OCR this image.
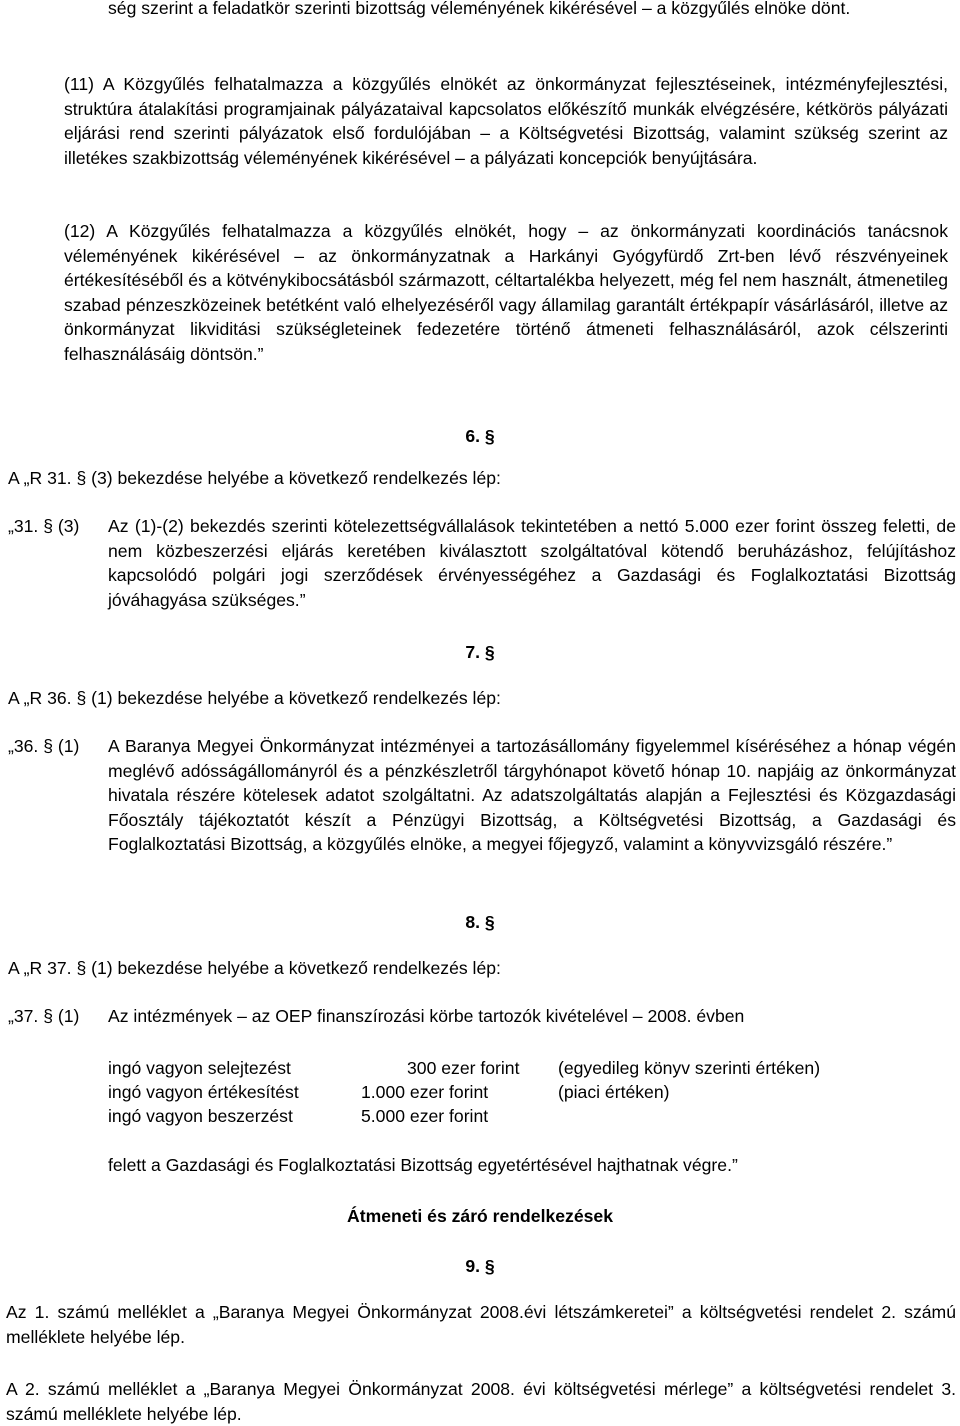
ség szerint a feladatkör szerinti bizottság véleményének kikérésével – a közgyűlés elnöke dönt.

(11) A Közgyűlés felhatalmazza a közgyűlés elnökét az önkormányzat fejlesztéseinek, intézményfejlesztési, struktúra átalakítási programjainak pályázataival kapcsolatos előkészítő munkák elvégzésére, kétkörös pályázati eljárási rend szerinti pályázatok első fordulójában – a Költségvetési Bizottság, valamint szükség szerint az illetékes szakbizottság véleményének kikérésével – a pályázati koncepciók benyújtására.

(12) A Közgyűlés felhatalmazza a közgyűlés elnökét, hogy – az önkormányzati koordinációs tanácsnok véleményének kikérésével – az önkormányzatnak a Harkányi Gyógyfürdő Zrt-ben lévő részvényeinek értékesítéséből és a kötvénykibocsátásból származott, céltartalékba helyezett, még fel nem használt, átmenetileg szabad pénzeszközeinek betétként való elhelyezéséről vagy államilag garantált értékpapír vásárlásáról, illetve az önkormányzat likviditási szükségleteinek fedezetére történő átmeneti felhasználásáról, azok célszerinti felhasználásáig döntsön.”

6. §

A „R 31. § (3) bekezdése helyébe a következő rendelkezés lép:

„31. § (3) Az (1)-(2) bekezdés szerinti kötelezettségvállalások tekintetében a nettó 5.000 ezer forint összeg feletti, de nem közbeszerzési eljárás keretében kiválasztott szolgáltatóval kötendő beruházáshoz, felújításhoz kapcsolódó polgári jogi szerződések érvényességéhez a Gazdasági és Foglalkoztatási Bizottság jóváhagyása szükséges.”

7. §

A „R 36. § (1) bekezdése helyébe a következő rendelkezés lép:

„36. § (1) A Baranya Megyei Önkormányzat intézményei a tartozásállomány figyelemmel kíséréséhez a hónap végén meglévő adósságállományról és a pénzkészletről tárgyhónapot követő hónap 10. napjáig az önkormányzat hivatala részére kötelesek adatot szolgáltatni. Az adatszolgáltatás alapján a Fejlesztési és Közgazdasági Főosztály tájékoztatót készít a Pénzügyi Bizottság, a Költségvetési Bizottság, a Gazdasági és Foglalkoztatási Bizottság, a közgyűlés elnöke, a megyei főjegyző, valamint a könyvvizsgáló részére.”

8. §

A „R 37. § (1) bekezdése helyébe a következő rendelkezés lép:

„37. § (1) Az intézmények – az OEP finanszírozási körbe tartozók kivételével – 2008. évben

ingó vagyon selejtezést	300 ezer forint (egyedileg könyv szerinti értéken)
ingó vagyon értékesítést	1.000 ezer forint	(piaci értéken)
ingó vagyon beszerzést	5.000 ezer forint

felett a Gazdasági és Foglalkoztatási Bizottság egyetértésével hajthatnak végre.”

Átmeneti és záró rendelkezések

9. §

Az 1. számú melléklet a „Baranya Megyei Önkormányzat 2008.évi létszámkeretei” a költségvetési rendelet 2. számú melléklete helyébe lép.

A 2. számú melléklet a „Baranya Megyei Önkormányzat 2008. évi költségvetési mérlege” a költségvetési rendelet 3. számú melléklete helyébe lép.
